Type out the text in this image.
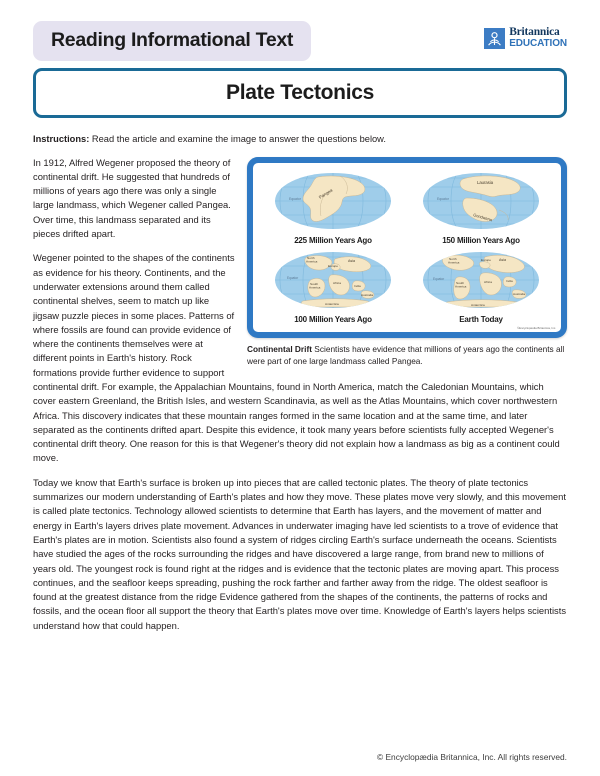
Reading Informational Text	Britannica
EDUCATION
Plate Tectonics
Instructions: Read the article and examine the image to answer the questions below.
Equator	Pangea
225 Million Years Ago
Equator
Laurasia
Gondwana
150 Million Years Ago
Equator
North
America
Europe
Asia
South
America
Africa
India
Australia
Antarctica
100 Million Years Ago
Equator
North
America
Europe Asia
South
America
Africa	India
Australia
Antarctica
Earth Today
©Encyclopædia Britannica, Inc.
Continental Drift Scientists have evidence that millions of years ago the continents all were part of one large landmass called Pangea.

In 1912, Alfred Wegener proposed the theory of continental drift. He suggested that hundreds of millions of years ago there was only a single large landmass, which Wegener called Pangea. Over time, this landmass separated and its pieces drifted apart.

Wegener pointed to the shapes of the continents as evidence for his theory. Continents, and the underwater extensions around them called continental shelves, seem to match up like jigsaw puzzle pieces in some places. Patterns of where fossils are found can provide evidence of where the continents themselves were at different points in Earth's history. Rock formations provide further evidence to support continental drift. For example, the Appalachian Mountains, found in North America, match the Caledonian Mountains, which cover eastern Greenland, the British Isles, and western Scandinavia, as well as the Atlas Mountains, which cover northwestern Africa. This discovery indicates that these mountain ranges formed in the same location and at the same time, and later separated as the continents drifted apart. Despite this evidence, it took many years before scientists fully accepted Wegener's continental drift theory. One reason for this is that Wegener's theory did not explain how a landmass as big as a continent could move.

Today we know that Earth's surface is broken up into pieces that are called tectonic plates. The theory of plate tectonics summarizes our modern understanding of Earth's plates and how they move. These plates move very slowly, and this movement is called plate tectonics. Technology allowed scientists to determine that Earth has layers, and the movement of matter and energy in Earth's layers drives plate movement. Advances in underwater imaging have led scientists to a trove of evidence that Earth's plates are in motion. Scientists also found a system of ridges circling Earth's surface underneath the oceans. Scientists have studied the ages of the rocks surrounding the ridges and have discovered a large range, from brand new to millions of years old. The youngest rock is found right at the ridges and is evidence that the tectonic plates are moving apart. This process continues, and the seafloor keeps spreading, pushing the rock farther and farther away from the ridge. The oldest seafloor is found at the greatest distance from the ridge Evidence gathered from the shapes of the continents, the patterns of rocks and fossils, and the ocean floor all support the theory that Earth's plates move over time. Knowledge of Earth's layers helps scientists understand how that could happen.

© Encyclopædia Britannica, Inc. All rights reserved.
